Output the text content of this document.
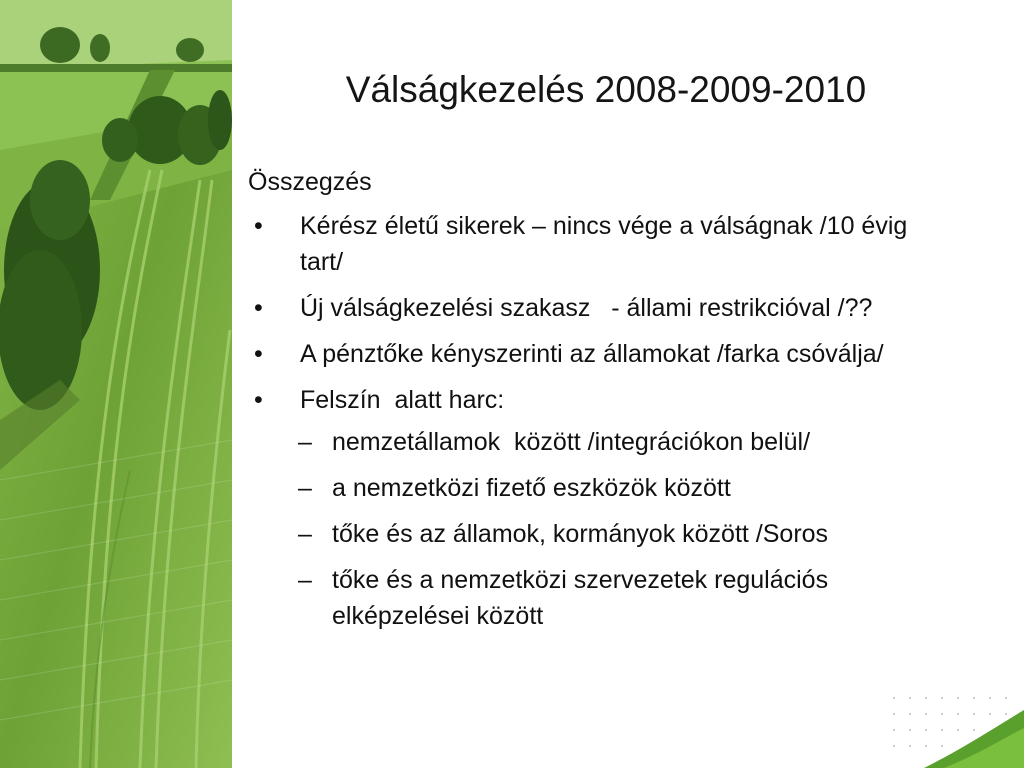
Válságkezelés 2008-2009-2010
Összegzés
•	Kérész életű sikerek – nincs vége a válságnak /10 évig tart/
•	Új válságkezelési szakasz   - állami restrikcióval /??
•	A pénztőke kényszerinti az államokat /farka csóválja/
•	Felszín  alatt harc:
– nemzetállamok  között /integrációkon belül/
– a nemzetközi fizető eszközök között
– tőke és az államok, kormányok között /Soros
– tőke és a nemzetközi szervezetek regulációs elképzelései között
